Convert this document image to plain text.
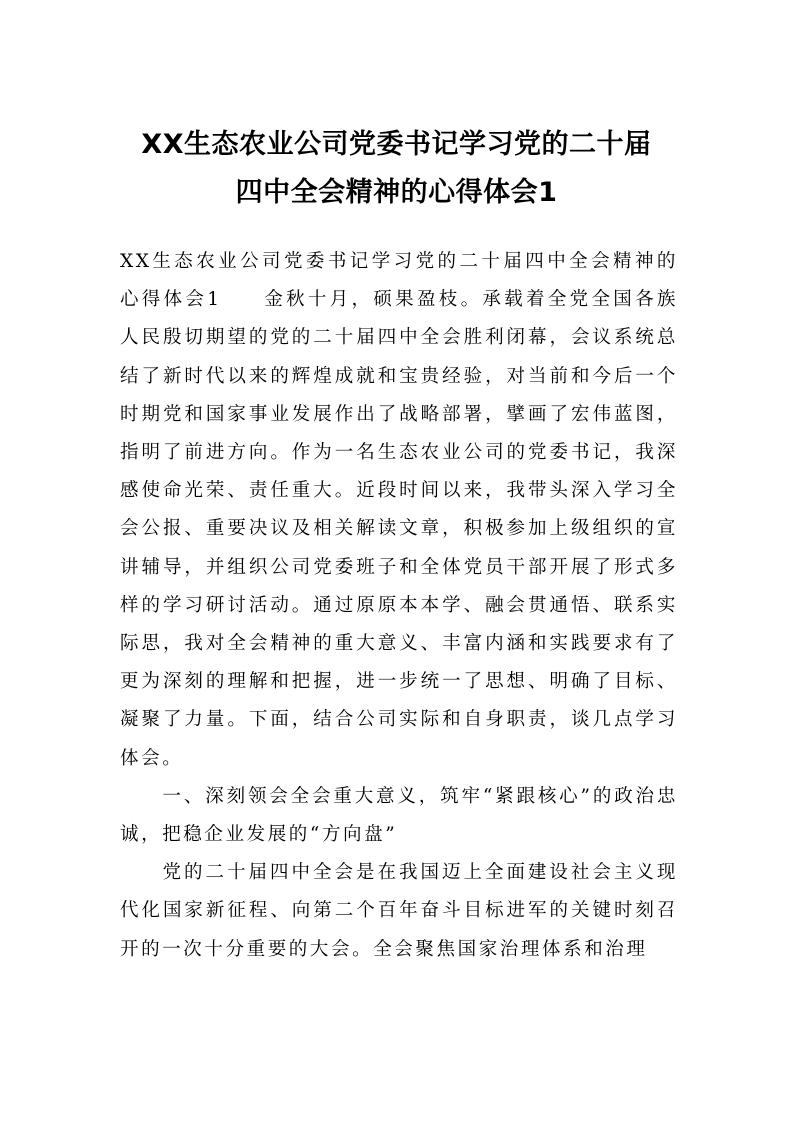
XX生态农业公司党委书记学习党的二十届
四中全会精神的心得体会1

XX生态农业公司党委书记学习党的二十届四中全会精神的心得体会1 金秋十月，硕果盈枝。承载着全党全国各族人民殷切期望的党的二十届四中全会胜利闭幕，会议系统总结了新时代以来的辉煌成就和宝贵经验，对当前和今后一个时期党和国家事业发展作出了战略部署，擘画了宏伟蓝图，指明了前进方向。作为一名生态农业公司的党委书记，我深感使命光荣、责任重大。近段时间以来，我带头深入学习全会公报、重要决议及相关解读文章，积极参加上级组织的宣讲辅导，并组织公司党委班子和全体党员干部开展了形式多样的学习研讨活动。通过原原本本学、融会贯通悟、联系实际思，我对全会精神的重大意义、丰富内涵和实践要求有了更为深刻的理解和把握，进一步统一了思想、明确了目标、凝聚了力量。下面，结合公司实际和自身职责，谈几点学习体会。

一、深刻领会全会重大意义，筑牢“紧跟核心”的政治忠诚，把稳企业发展的“方向盘”

党的二十届四中全会是在我国迈上全面建设社会主义现代化国家新征程、向第二个百年奋斗目标进军的关键时刻召开的一次十分重要的大会。全会聚焦国家治理体系和治理
